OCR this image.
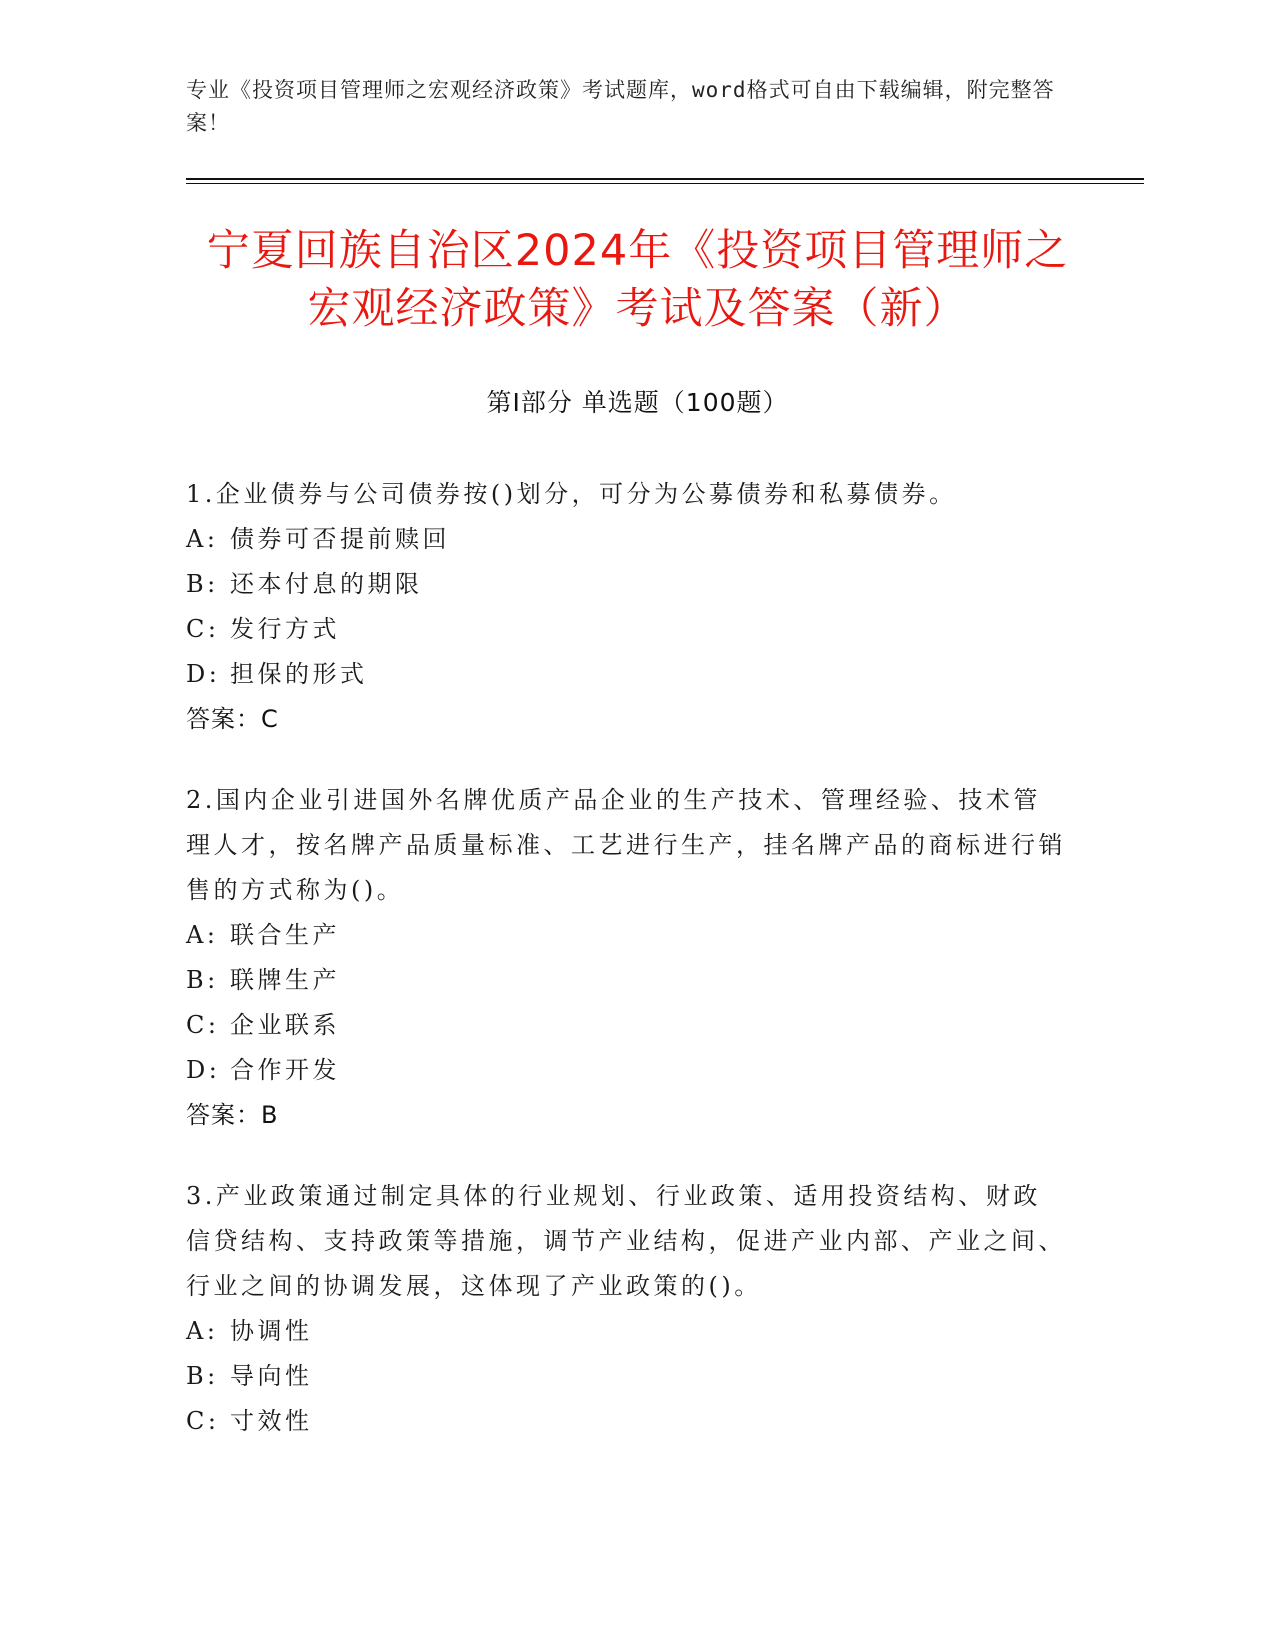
专业《投资项目管理师之宏观经济政策》考试题库，word格式可自由下载编辑，附完整答案！
宁夏回族自治区2024年《投资项目管理师之
宏观经济政策》考试及答案（新）
第Ⅰ部分 单选题（100题）
1.企业债券与公司债券按()划分，可分为公募债券和私募债券。
A: 债券可否提前赎回
B: 还本付息的期限
C: 发行方式
D: 担保的形式
答案：C
2.国内企业引进国外名牌优质产品企业的生产技术、管理经验、技术管理人才，按名牌产品质量标准、工艺进行生产，挂名牌产品的商标进行销售的方式称为()。
A: 联合生产
B: 联牌生产
C: 企业联系
D: 合作开发
答案：B
3.产业政策通过制定具体的行业规划、行业政策、适用投资结构、财政信贷结构、支持政策等措施，调节产业结构，促进产业内部、产业之间、行业之间的协调发展，这体现了产业政策的()。
A: 协调性
B: 导向性
C: 寸效性
